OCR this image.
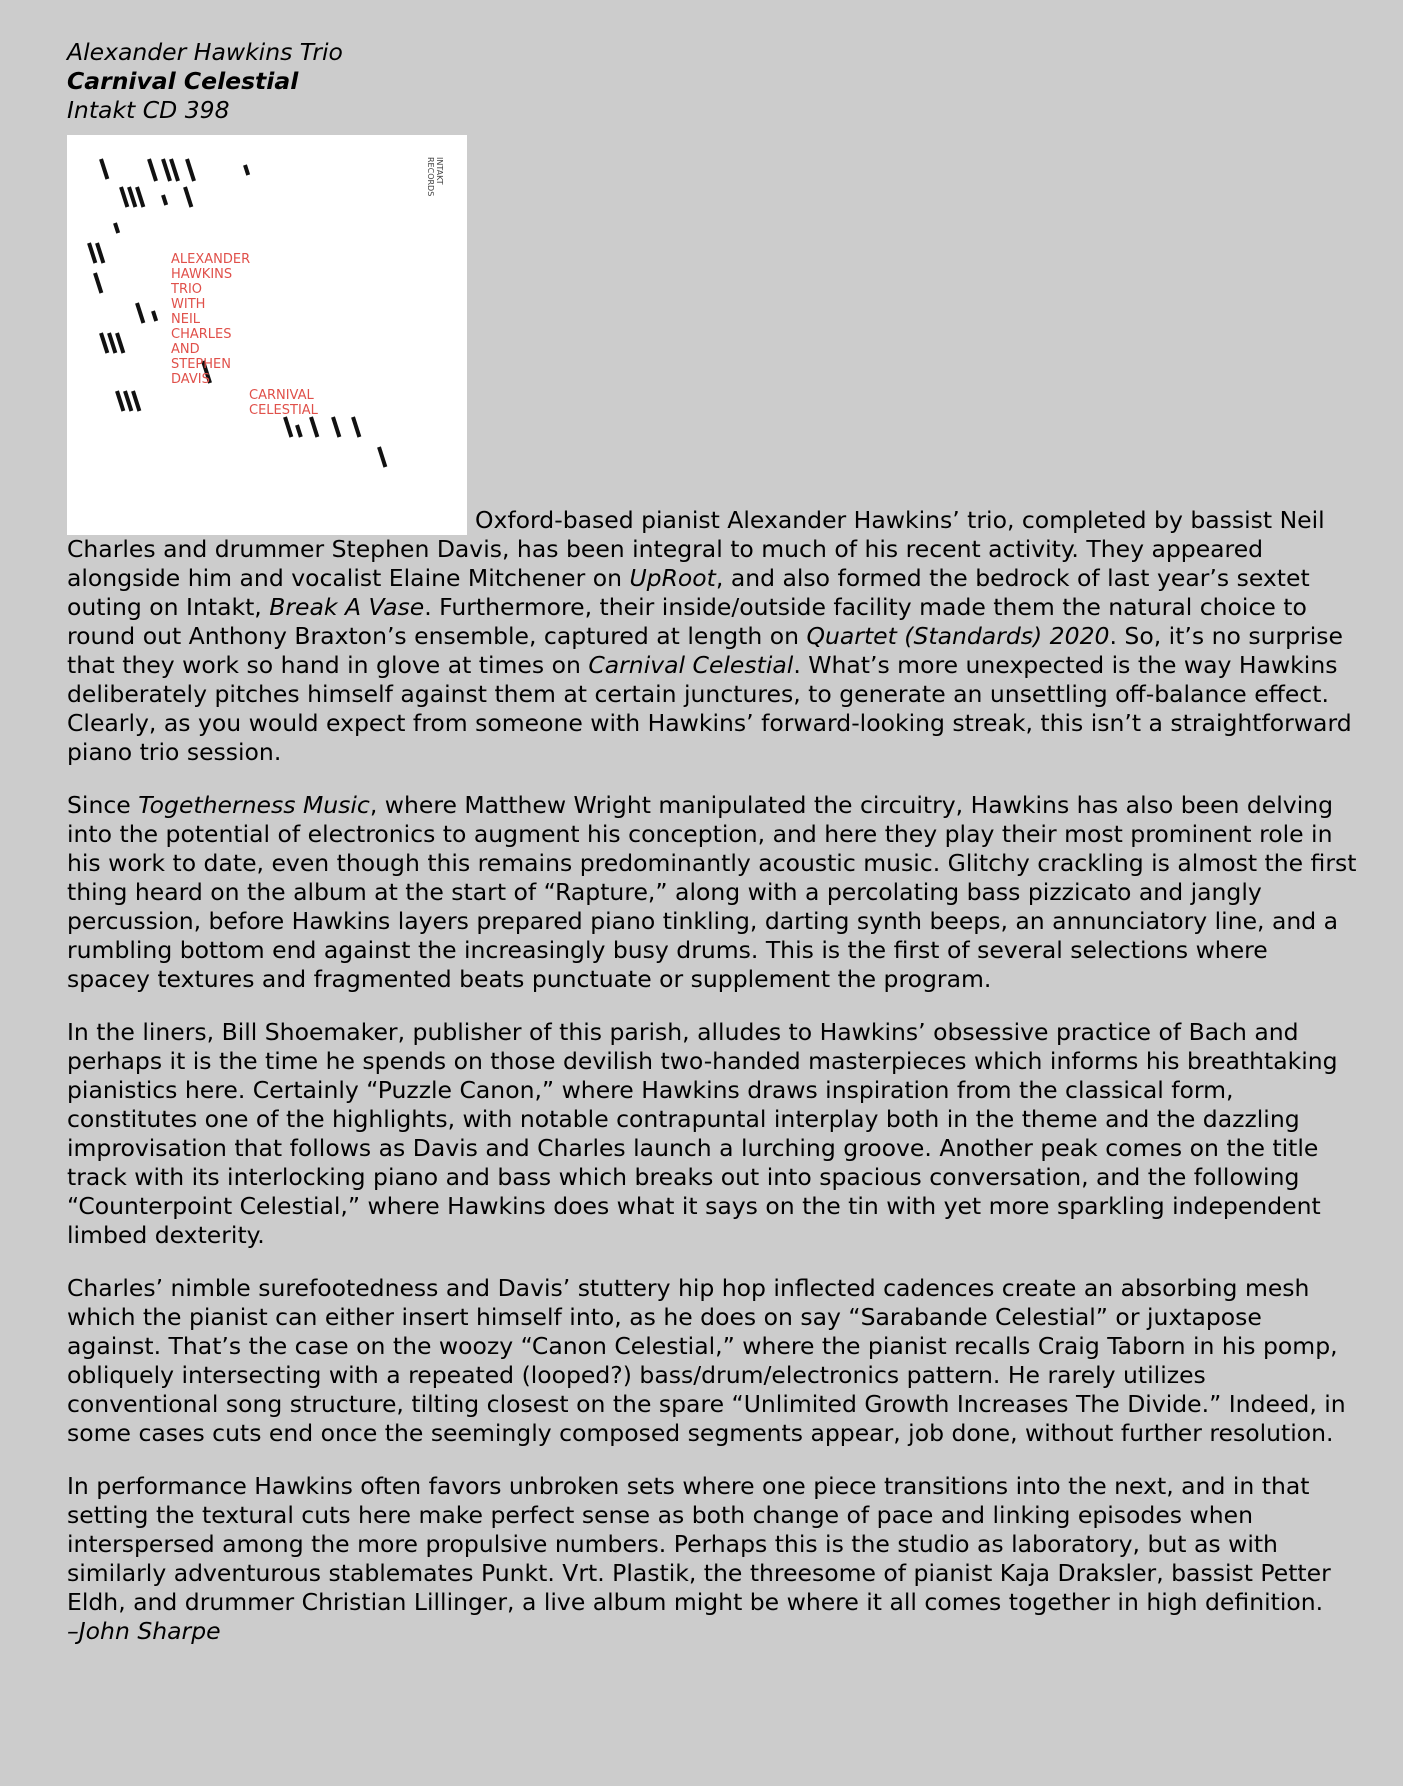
Alexander Hawkins Trio
Carnival Celestial
Intakt CD 398

ALEXANDER
HAWKINS
TRIO
WITH
NEIL
CHARLES
AND
STEPHEN
DAVIS
CARNIVAL
CELESTIAL
INTAKT
RECORDS
Oxford-based pianist Alexander Hawkins’ trio, completed by bassist Neil Charles and drummer Stephen Davis, has been integral to much of his recent activity. They appeared alongside him and vocalist Elaine Mitchener on UpRoot, and also formed the bedrock of last year’s sextet outing on Intakt, Break A Vase. Furthermore, their inside/outside facility made them the natural choice to round out Anthony Braxton’s ensemble, captured at length on Quartet (Standards) 2020. So, it’s no surprise that they work so hand in glove at times on Carnival Celestial. What’s more unexpected is the way Hawkins deliberately pitches himself against them at certain junctures, to generate an unsettling off-balance effect. Clearly, as you would expect from someone with Hawkins’ forward-looking streak, this isn’t a straightforward piano trio session.

Since Togetherness Music, where Matthew Wright manipulated the circuitry, Hawkins has also been delving into the potential of electronics to augment his conception, and here they play their most prominent role in his work to date, even though this remains predominantly acoustic music. Glitchy crackling is almost the first thing heard on the album at the start of “Rapture,” along with a percolating bass pizzicato and jangly percussion, before Hawkins layers prepared piano tinkling, darting synth beeps, an annunciatory line, and a rumbling bottom end against the increasingly busy drums. This is the first of several selections where spacey textures and fragmented beats punctuate or supplement the program.

In the liners, Bill Shoemaker, publisher of this parish, alludes to Hawkins’ obsessive practice of Bach and perhaps it is the time he spends on those devilish two-handed masterpieces which informs his breathtaking pianistics here. Certainly “Puzzle Canon,” where Hawkins draws inspiration from the classical form, constitutes one of the highlights, with notable contrapuntal interplay both in the theme and the dazzling improvisation that follows as Davis and Charles launch a lurching groove. Another peak comes on the title track with its interlocking piano and bass which breaks out into spacious conversation, and the following “Counterpoint Celestial,” where Hawkins does what it says on the tin with yet more sparkling independent limbed dexterity.

Charles’ nimble surefootedness and Davis’ stuttery hip hop inflected cadences create an absorbing mesh which the pianist can either insert himself into, as he does on say “Sarabande Celestial” or juxtapose against. That’s the case on the woozy “Canon Celestial,” where the pianist recalls Craig Taborn in his pomp, obliquely intersecting with a repeated (looped?) bass/drum/electronics pattern. He rarely utilizes conventional song structure, tilting closest on the spare “Unlimited Growth Increases The Divide.” Indeed, in some cases cuts end once the seemingly composed segments appear, job done, without further resolution.

In performance Hawkins often favors unbroken sets where one piece transitions into the next, and in that setting the textural cuts here make perfect sense as both change of pace and linking episodes when interspersed among the more propulsive numbers. Perhaps this is the studio as laboratory, but as with similarly adventurous stablemates Punkt. Vrt. Plastik, the threesome of pianist Kaja Draksler, bassist Petter Eldh, and drummer Christian Lillinger, a live album might be where it all comes together in high definition.
–John Sharpe
